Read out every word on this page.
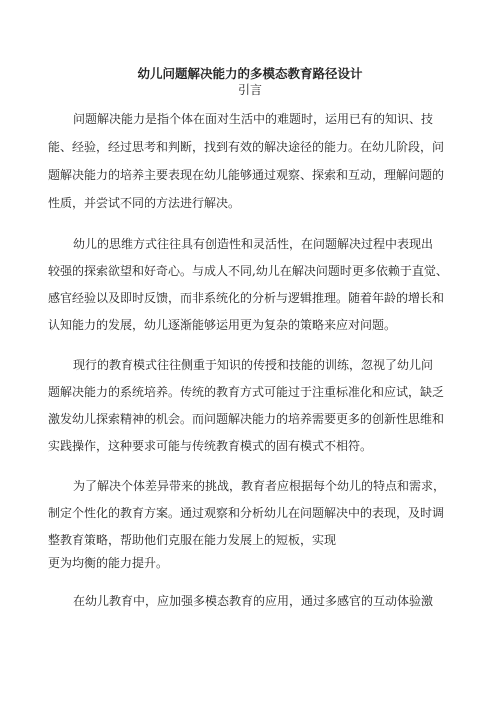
幼儿问题解决能力的多模态教育路径设计
引言
问题解决能力是指个体在面对生活中的难题时，运用已有的知识、技
能、经验，经过思考和判断，找到有效的解决途径的能力。在幼儿阶段，问
题解决能力的培养主要表现在幼儿能够通过观察、探索和互动，理解问题的
性质，并尝试不同的方法进行解决。
幼儿的思维方式往往具有创造性和灵活性，在问题解决过程中表现出
较强的探索欲望和好奇心。与成人不同,幼儿在解决问题时更多依赖于直觉、
感官经验以及即时反馈，而非系统化的分析与逻辑推理。随着年龄的增长和
认知能力的发展，幼儿逐渐能够运用更为复杂的策略来应对问题。
现行的教育模式往往侧重于知识的传授和技能的训练，忽视了幼儿问
题解决能力的系统培养。传统的教育方式可能过于注重标准化和应试，缺乏
激发幼儿探索精神的机会。而问题解决能力的培养需要更多的创新性思维和
实践操作，这种要求可能与传统教育模式的固有模式不相符。
为了解决个体差异带来的挑战，教育者应根据每个幼儿的特点和需求，
制定个性化的教育方案。通过观察和分析幼儿在问题解决中的表现，及时调
整教育策略，帮助他们克服在能力发展上的短板，实现
更为均衡的能力提升。
在幼儿教育中，应加强多模态教育的应用，通过多感官的互动体验激
